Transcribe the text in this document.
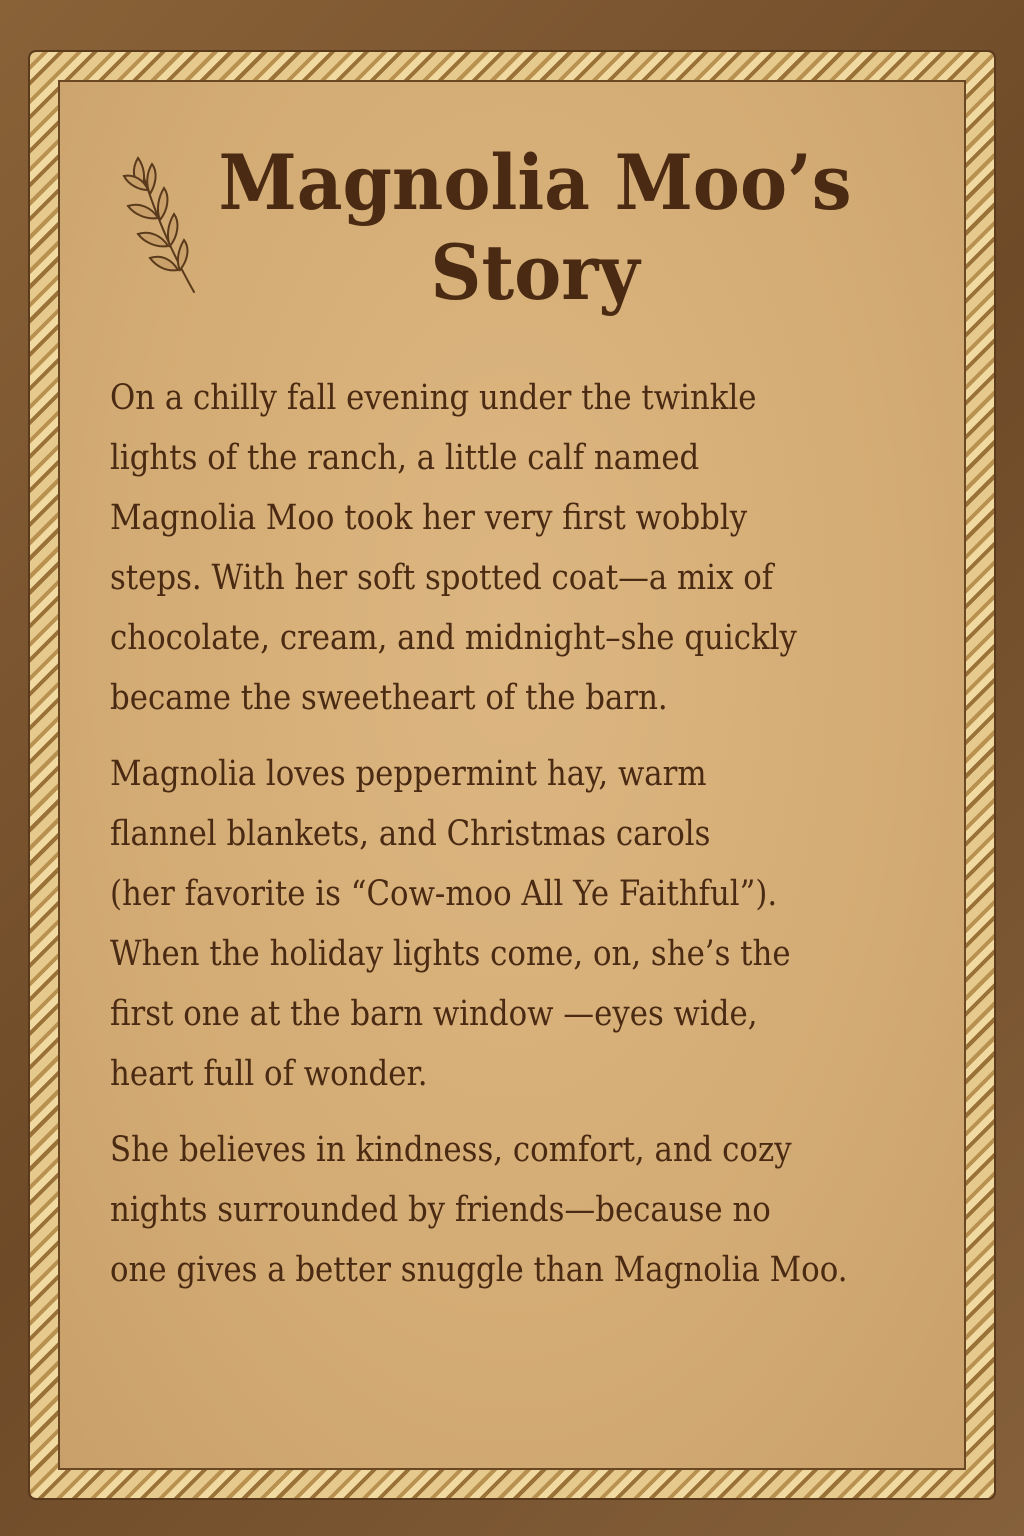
Magnolia Moo’s
Story
On a chilly fall evening under the twinkle
lights of the ranch, a little calf named
Magnolia Moo took her very first wobbly
steps. With her soft spotted coat—a mix of
chocolate, cream, and midnight–she quickly
became the sweetheart of the barn.
Magnolia loves peppermint hay, warm
flannel blankets, and Christmas carols
(her favorite is “Cow-moo All Ye Faithful”).
When the holiday lights come, on, she’s the
first one at the barn window —eyes wide,
heart full of wonder.
She believes in kindness, comfort, and cozy
nights surrounded by friends—because no
one gives a better snuggle than Magnolia Moo.
